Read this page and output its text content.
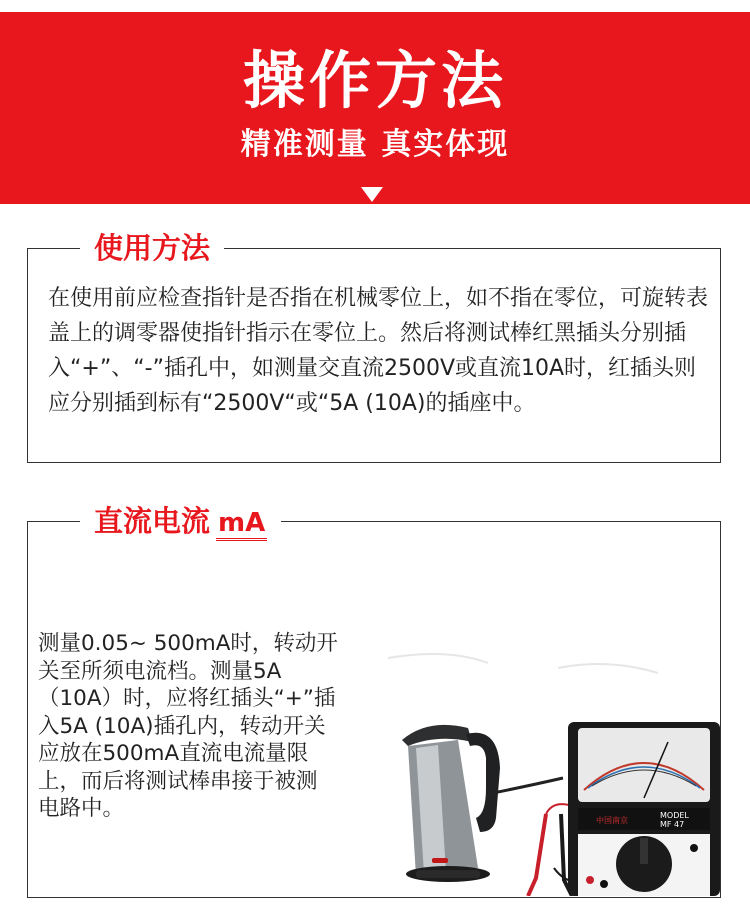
操作方法
精准测量 真实体现
使用方法
在使用前应检查指针是否指在机械零位上，如不指在零位，可旋转表盖上的调零器使指针指示在零位上。然后将测试棒红黑插头分别插入“+”、“-”插孔中，如测量交直流2500V或直流10A时，红插头则应分别插到标有“2500V“或“5A (10A)的插座中。
直流电流 mA
测量0.05~ 500mA时，转动开关至所须电流档。测量5A （10A）时，应将红插头“+”插入5A (10A)插孔内，转动开关应放在500mA直流电流量限上，而后将测试棒串接于被测电路中。	中国南京
MODEL
MF 47
